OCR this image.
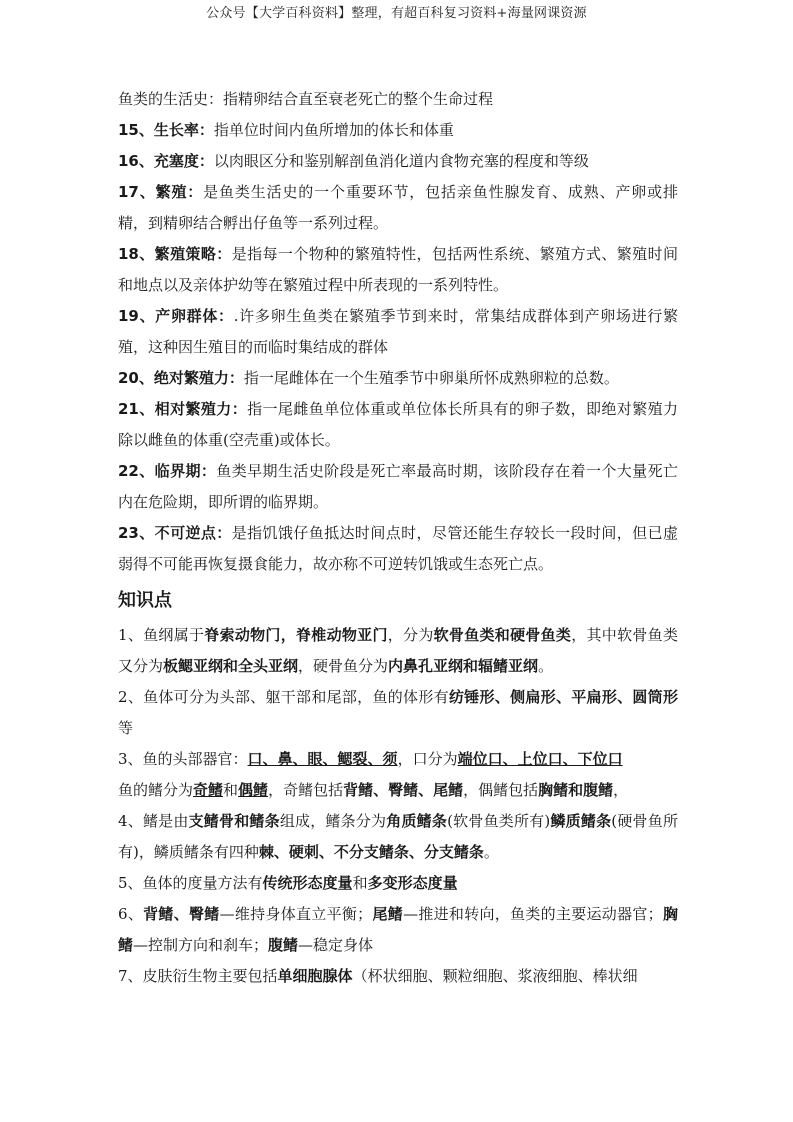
公众号【大学百科资料】整理，有超百科复习资料+海量网课资源

鱼类的生活史：指精卵结合直至衰老死亡的整个生命过程

15、生长率：指单位时间内鱼所增加的体长和体重

16、充塞度：以肉眼区分和鉴别解剖鱼消化道内食物充塞的程度和等级

17、繁殖：是鱼类生活史的一个重要环节，包括亲鱼性腺发育、成熟、产卵或排精，到精卵结合孵出仔鱼等一系列过程。

18、繁殖策略：是指每一个物种的繁殖特性，包括两性系统、繁殖方式、繁殖时间和地点以及亲体护幼等在繁殖过程中所表现的一系列特性。

19、产卵群体：.许多卵生鱼类在繁殖季节到来时，常集结成群体到产卵场进行繁殖，这种因生殖目的而临时集结成的群体

20、绝对繁殖力：指一尾雌体在一个生殖季节中卵巢所怀成熟卵粒的总数。

21、相对繁殖力：指一尾雌鱼单位体重或单位体长所具有的卵子数，即绝对繁殖力除以雌鱼的体重(空壳重)或体长。

22、临界期：鱼类早期生活史阶段是死亡率最高时期，该阶段存在着一个大量死亡内在危险期，即所谓的临界期。

23、不可逆点：是指饥饿仔鱼抵达时间点时，尽管还能生存较长一段时间，但已虚弱得不可能再恢复摄食能力，故亦称不可逆转饥饿或生态死亡点。

知识点

1、鱼纲属于脊索动物门，脊椎动物亚门，分为软骨鱼类和硬骨鱼类，其中软骨鱼类又分为板鳃亚纲和全头亚纲，硬骨鱼分为内鼻孔亚纲和辐鳍亚纲。

2、鱼体可分为头部、躯干部和尾部，鱼的体形有纺锤形、侧扁形、平扁形、圆筒形等

3、鱼的头部器官：口、鼻、眼、鳃裂、须，口分为端位口、上位口、下位口
鱼的鳍分为奇鳍和偶鳍，奇鳍包括背鳍、臀鳍、尾鳍，偶鳍包括胸鳍和腹鳍，

4、鳍是由支鳍骨和鳍条组成，鳍条分为角质鳍条(软骨鱼类所有)鳞质鳍条(硬骨鱼所有)，鳞质鳍条有四种棘、硬刺、不分支鳍条、分支鳍条。

5、鱼体的度量方法有传统形态度量和多变形态度量

6、背鳍、臀鳍—维持身体直立平衡；尾鳍—推进和转向，鱼类的主要运动器官；胸鳍—控制方向和刹车；腹鳍—稳定身体

7、皮肤衍生物主要包括单细胞腺体（杯状细胞、颗粒细胞、浆液细胞、棒状细
